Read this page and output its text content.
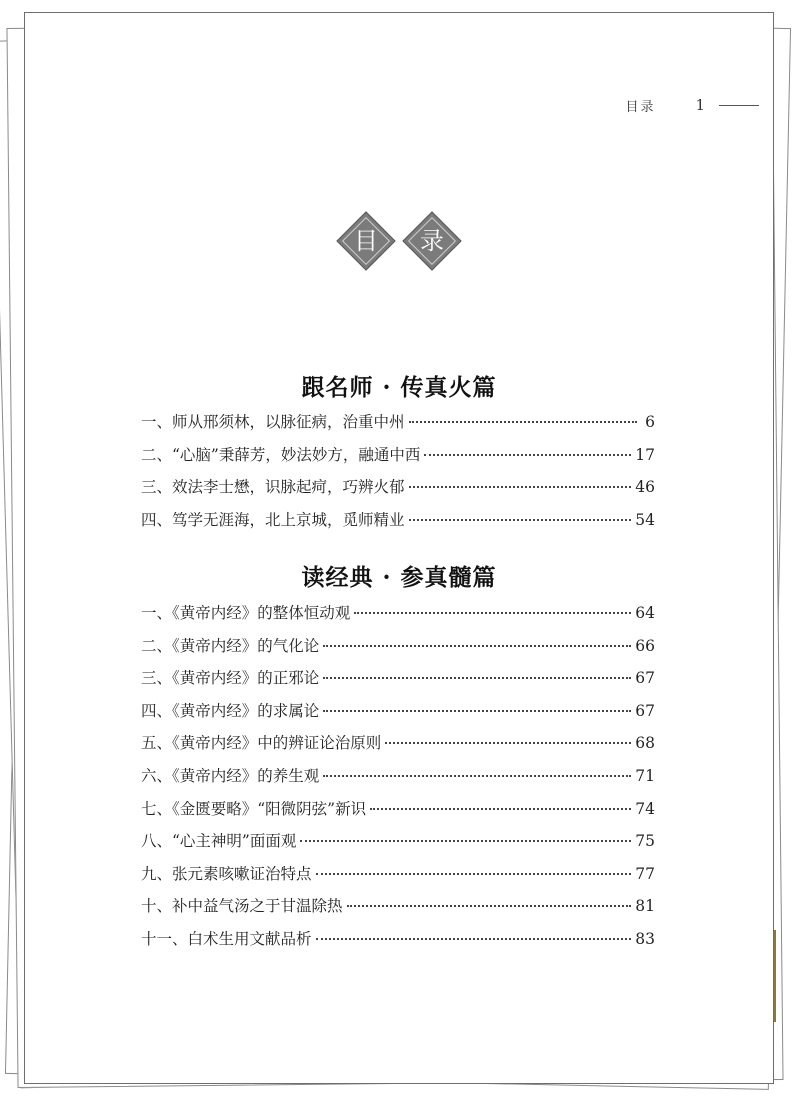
目录	1
目	录
跟名师 · 传真火篇
一、师从邢须林，以脉征病，治重中州	6
二、“心脑”秉薛芳，妙法妙方，融通中西	17
三、效法李士懋，识脉起疴，巧辨火郁	46
四、笃学无涯海，北上京城，觅师精业	54
读经典 · 参真髓篇
一、《黄帝内经》的整体恒动观	64
二、《黄帝内经》的气化论	66
三、《黄帝内经》的正邪论	67
四、《黄帝内经》的求属论	67
五、《黄帝内经》中的辨证论治原则	68
六、《黄帝内经》的养生观	71
七、《金匮要略》“阳微阴弦”新识	74
八、“心主神明”面面观	75
九、张元素咳嗽证治特点	77
十、补中益气汤之于甘温除热	81
十一、白术生用文献品析	83
